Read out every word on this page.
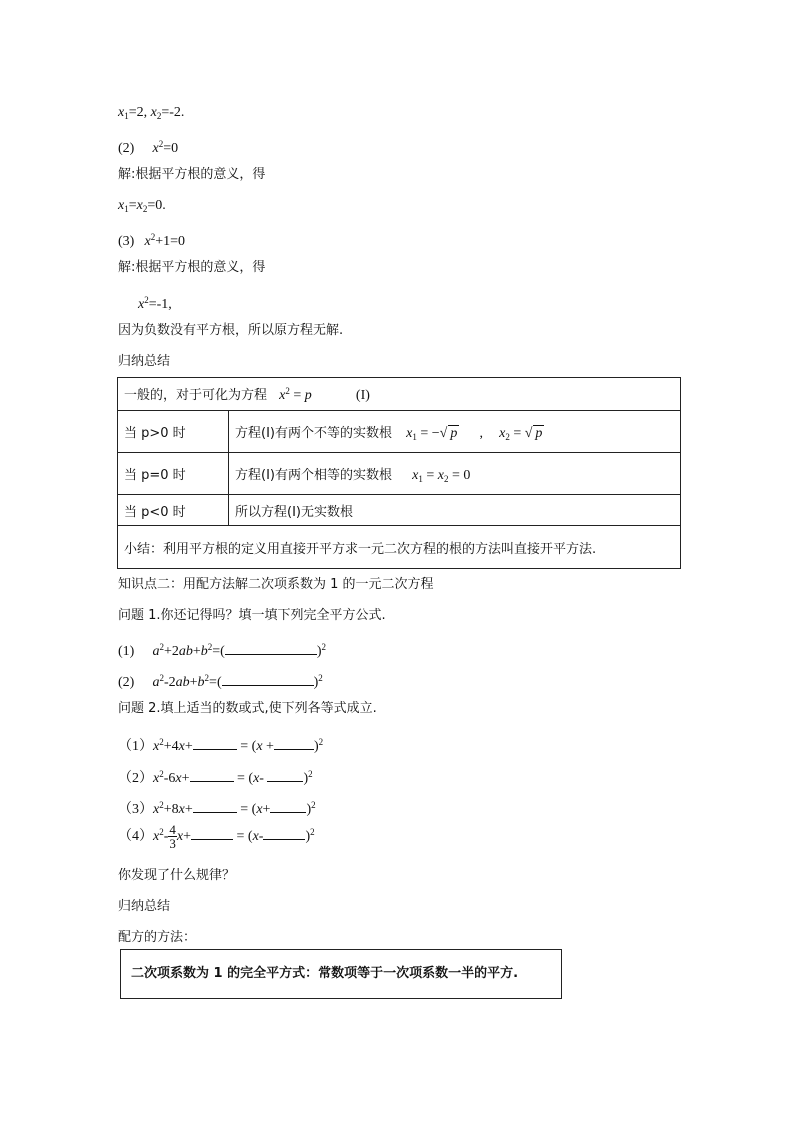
$x_1=2$, $x_2=-2$.
(2) $x^2=0$
解:根据平方根的意义，得
$x_1=x_2=0$.
(3) $x^2+1=0$
解:根据平方根的意义，得
$x^2=-1$,
因为负数没有平方根，所以原方程无解.
归纳总结
一般的，对于可化为方程 $x^2 = p$ (I)	
当 p>0 时	方程(I)有两个不等的实数根 $x_1$ = −√ p , $x_2$ = √ p
当 p=0 时	方程(I)有两个相等的实数根 $x_1 = x_2 = 0$
当 p<0 时	所以方程(I)无实数根
小结：利用平方根的定义用直接开平方求一元二次方程的根的方法叫直接开平方法.	
知识点二：用配方法解二次项系数为 1 的一元二次方程
问题 1.你还记得吗？填一填下列完全平方公式.
(1) $a^2+2ab+b^2=$(	)$^2$
(2) $a^2-2ab+b^2=$(	)$^2$
问题 2.填上适当的数或式,使下列各等式成立.
$(1)x^2+4x+$	= (x +	)$^2$
$(2)x^2-6x+$	= (x-	)$^2$
$(3)x^2+8x+$	= (x+	)$^2$
$(4)x^2- \frac{4}{3} x+$	= (x-	)$^2$
你发现了什么规律？
归纳总结
配方的方法：
二次项系数为 1 的完全平方式：常数项等于一次项系数一半的平方.
